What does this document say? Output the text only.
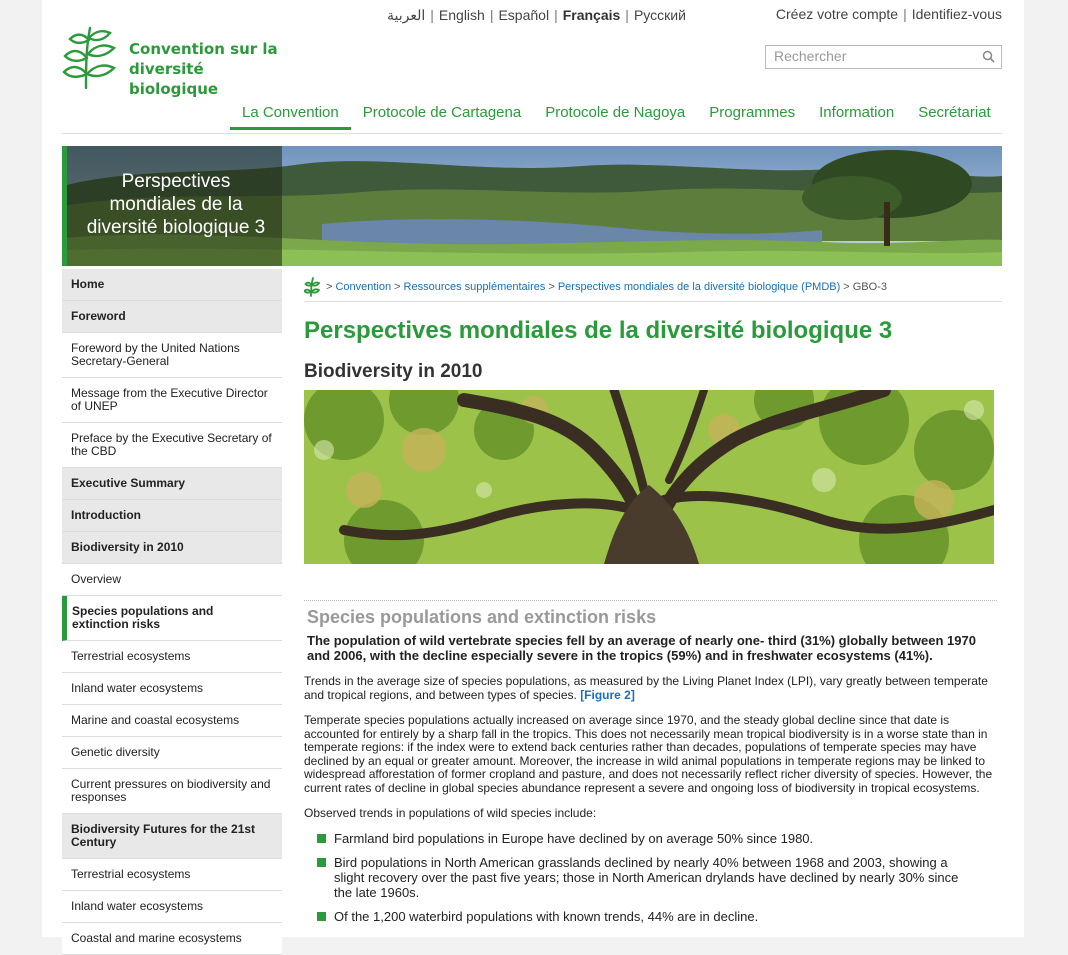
العربية | English | Español | Français | Русский	Créez votre compte | Identifiez-vous
Convention sur la
diversité biologique
Rechercher
La Convention Protocole de Cartagena Protocole de Nagoya Programmes Information Secrétariat
Perspectives mondiales de la diversité biologique 3
Home
Foreword
Foreword by the United Nations Secretary-General
Message from the Executive Director of UNEP
Preface by the Executive Secretary of the CBD
Executive Summary
Introduction
Biodiversity in 2010
Overview
Species populations and extinction risks
Terrestrial ecosystems
Inland water ecosystems
Marine and coastal ecosystems
Genetic diversity
Current pressures on biodiversity and responses
Biodiversity Futures for the 21st Century
Terrestrial ecosystems
Inland water ecosystems
Coastal and marine ecosystems
> Convention > Ressources supplémentaires > Perspectives mondiales de la diversité biologique (PMDB) > GBO-3
Perspectives mondiales de la diversité biologique 3
Biodiversity in 2010
Species populations and extinction risks

The population of wild vertebrate species fell by an average of nearly one- third (31%) globally between 1970 and 2006, with the decline especially severe in the tropics (59%) and in freshwater ecosystems (41%).

Trends in the average size of species populations, as measured by the Living Planet Index (LPI), vary greatly between temperate and tropical regions, and between types of species. [Figure 2]

Temperate species populations actually increased on average since 1970, and the steady global decline since that date is accounted for entirely by a sharp fall in the tropics. This does not necessarily mean tropical biodiversity is in a worse state than in temperate regions: if the index were to extend back centuries rather than decades, populations of temperate species may have declined by an equal or greater amount. Moreover, the increase in wild animal populations in temperate regions may be linked to widespread afforestation of former cropland and pasture, and does not necessarily reflect richer diversity of species. However, the current rates of decline in global species abundance represent a severe and ongoing loss of biodiversity in tropical ecosystems.

Observed trends in populations of wild species include:

Farmland bird populations in Europe have declined by on average 50% since 1980.
Bird populations in North American grasslands declined by nearly 40% between 1968 and 2003, showing a slight recovery over the past five years; those in North American drylands have declined by nearly 30% since the late 1960s.
Of the 1,200 waterbird populations with known trends, 44% are in decline.
